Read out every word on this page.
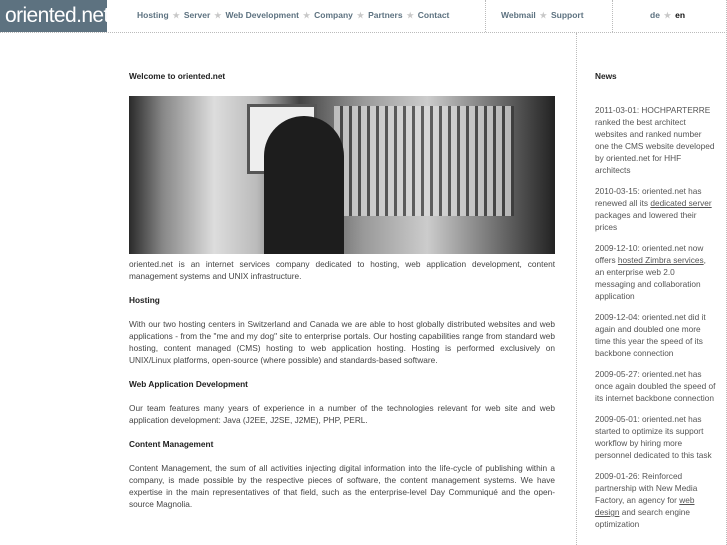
oriented.net	Hosting ★ Server ★ Web Development ★ Company ★ Partners ★ Contact	Webmail ★ Support	de ★ en
Welcome to oriented.net

oriented.net is an internet services company dedicated to hosting, web application development, content management systems and UNIX infrastructure.

Hosting

With our two hosting centers in Switzerland and Canada we are able to host globally distributed websites and web applications - from the "me and my dog" site to enterprise portals. Our hosting capabilities range from standard web hosting, content managed (CMS) hosting to web application hosting. Hosting is performed exclusively on UNIX/Linux platforms, open-source (where possible) and standards-based software.

Web Application Development

Our team features many years of experience in a number of the technologies relevant for web site and web application development: Java (J2EE, J2SE, J2ME), PHP, PERL.

Content Management

Content Management, the sum of all activities injecting digital information into the life-cycle of publishing within a company, is made possible by the respective pieces of software, the content management systems. We have expertise in the main representatives of that field, such as the enterprise-level Day Communiqué and the open-source Magnolia.

News

2011-03-01: HOCHPARTERRE ranked the best architect websites and ranked number one the CMS website developed by oriented.net for HHF architects

2010-03-15: oriented.net has renewed all its dedicated server packages and lowered their prices

2009-12-10: oriented.net now offers hosted Zimbra services, an enterprise web 2.0 messaging and collaboration application

2009-12-04: oriented.net did it again and doubled one more time this year the speed of its backbone connection

2009-05-27: oriented.net has once again doubled the speed of its internet backbone connection

2009-05-01: oriented.net has started to optimize its support workflow by hiring more personnel dedicated to this task

2009-01-26: Reinforced partnership with New Media Factory, an agency for web design and search engine optimization
